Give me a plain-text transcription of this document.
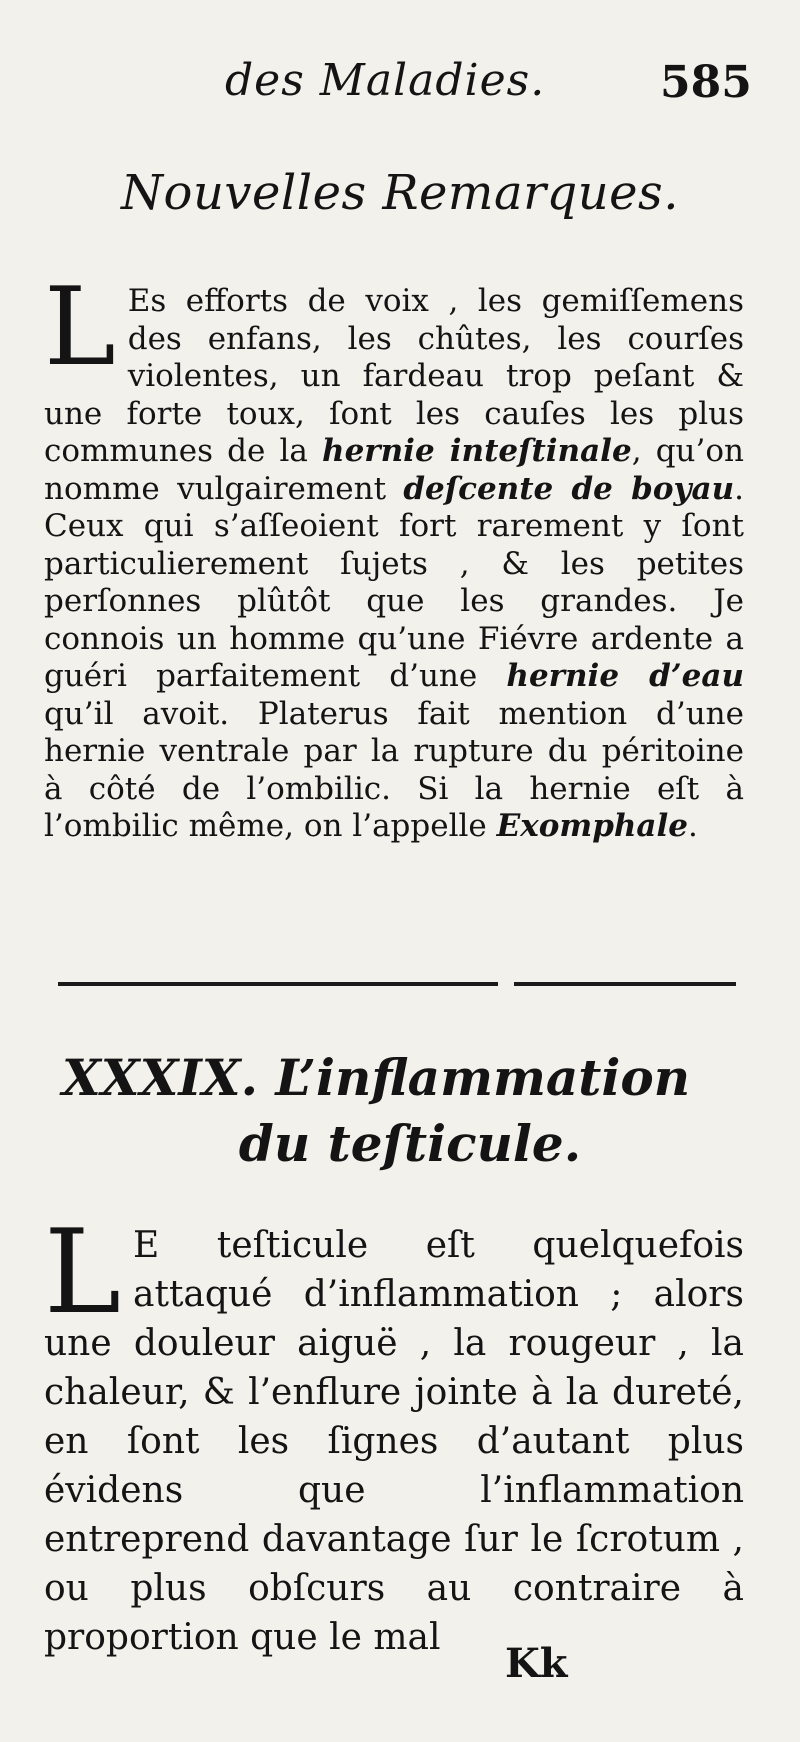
des Maladies.	585
Nouvelles Remarques.
L Es efforts de voix , les gemiſſemens des enfans, les chûtes, les courſes violentes, un fardeau trop peſant & une forte toux, ſont les cauſes les plus communes de la hernie inteſtinale, qu’on nomme vulgairement deſcente de boyau. Ceux qui s’aſſeoient fort rarement y ſont particulierement ſujets , & les petites perſonnes plûtôt que les grandes. Je connois un homme qu’une Fiévre ardente a guéri parfaitement d’une hernie d’eau qu’il avoit. Platerus fait mention d’une hernie ventrale par la rupture du péritoine à côté de l’ombilic. Si la hernie eſt à l’ombilic même, on l’appelle Exomphale.
XXXIX. L’inflammation
du teſticule.
L E teſticule eſt quelquefois attaqué d’inflammation ; alors une douleur aiguë , la rougeur , la chaleur, & l’enflure jointe à la dureté, en ſont les ſignes d’autant plus évidens que l’inflammation entreprend davantage ſur le ſcrotum , ou plus obſcurs au contraire à proportion que le mal
Kk
